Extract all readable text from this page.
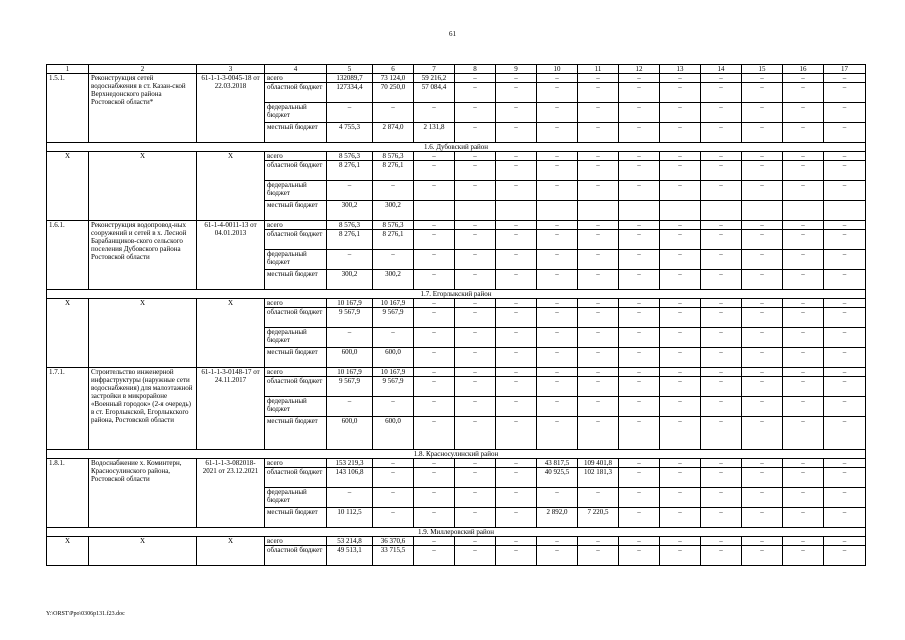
61
1	2	3	4	5	6	7	8	9	10	11	12	13	14	15	16	17
1.5.1.	Реконструкция сетей водоснабжения в ст. Казан-ской Верхнедонского района Ростовской области*	61-1-1-3-0045-18 от 22.03.2018	всего	132089,7	73 124,0	59 216,2	–	–	–	–	–	–	–	–	–	–
			областной бюджет	127334,4	70 250,0	57 084,4	–	–	–	–	–	–	–	–	–	–
			федеральный бюджет	–	–	–	–	–	–	–	–	–	–	–	–	–
			местный бюджет	4 755,3	2 874,0	2 131,8	–	–	–	–	–	–	–	–	–	–
1.6. Дубовский район																
Х	Х	Х	всего	8 576,3	8 576,3	–	–	–	–	–	–	–	–	–	–	–
			областной бюджет	8 276,1	8 276,1	–	–	–	–	–	–	–	–	–	–	–
			федеральный бюджет	–	–	–	–	–	–	–	–	–	–	–	–	–
			местный бюджет	300,2	300,2											
1.6.1.	Реконструкция водопровод-ных сооружений и сетей в х. Лесной Барабанщиков-ского сельского поселения Дубовского района Ростовской области	61-1-4-0011-13 от 04.01.2013	всего	8 576,3	8 576,3	–	–	–	–	–	–	–	–	–	–	–
			областной бюджет	8 276,1	8 276,1	–	–	–	–	–	–	–	–	–	–	–
			федеральный бюджет	–	–	–	–	–	–	–	–	–	–	–	–	–
			местный бюджет	300,2	300,2	–	–	–	–	–	–	–	–	–	–	–
1.7. Егорлыкский район																
Х	Х	Х	всего	10 167,9	10 167,9	–	–	–	–	–	–	–	–	–	–	–
			областной бюджет	9 567,9	9 567,9	–	–	–	–	–	–	–	–	–	–	–
			федеральный бюджет	–	–	–	–	–	–	–	–	–	–	–	–	–
			местный бюджет	600,0	600,0	–	–	–	–	–	–	–	–	–	–	–
1.7.1.	Строительство инженерной инфраструктуры (наружные сети водоснабжения) для малоэтажной застройки в микрорайоне «Военный городок» (2-я очередь) в ст. Егорлыкской, Егорлыкского района, Ростовской области	61-1-1-3-0148-17 от 24.11.2017	всего	10 167,9	10 167,9	–	–	–	–	–	–	–	–	–	–	–
			областной бюджет	9 567,9	9 567,9	–	–	–	–	–	–	–	–	–	–	–
			федеральный бюджет	–	–	–	–	–	–	–	–	–	–	–	–	–
			местный бюджет	600,0	600,0	–	–	–	–	–	–	–	–	–	–	–
1.8. Красносулинский район																
1.8.1.	Водоснабжение х. Коминтерн, Красносулинского района, Ростовской области	61-1-1-3-082018-2021 от 23.12.2021	всего	153 219,3	–	–	–	–	43 817,5	109 401,8	–	–	–	–	–	–
			областной бюджет	143 106,8	–	–	–	–	40 925,5	102 181,3	–	–	–	–	–	–
			федеральный бюджет	–	–	–	–	–	–	–	–	–	–	–	–	–
			местный бюджет	10 112,5	–	–	–	–	2 892,0	7 220,5	–	–	–	–	–	–
1.9. Миллеровский район																
Х	Х	Х	всего	53 214,8	36 370,6	–	–	–	–	–	–	–	–	–	–	–
			областной бюджет	49 513,1	33 715,5	–	–	–	–	–	–	–	–	–	–	–
Y:\ORST\Ppo\0306p131.f23.doc
